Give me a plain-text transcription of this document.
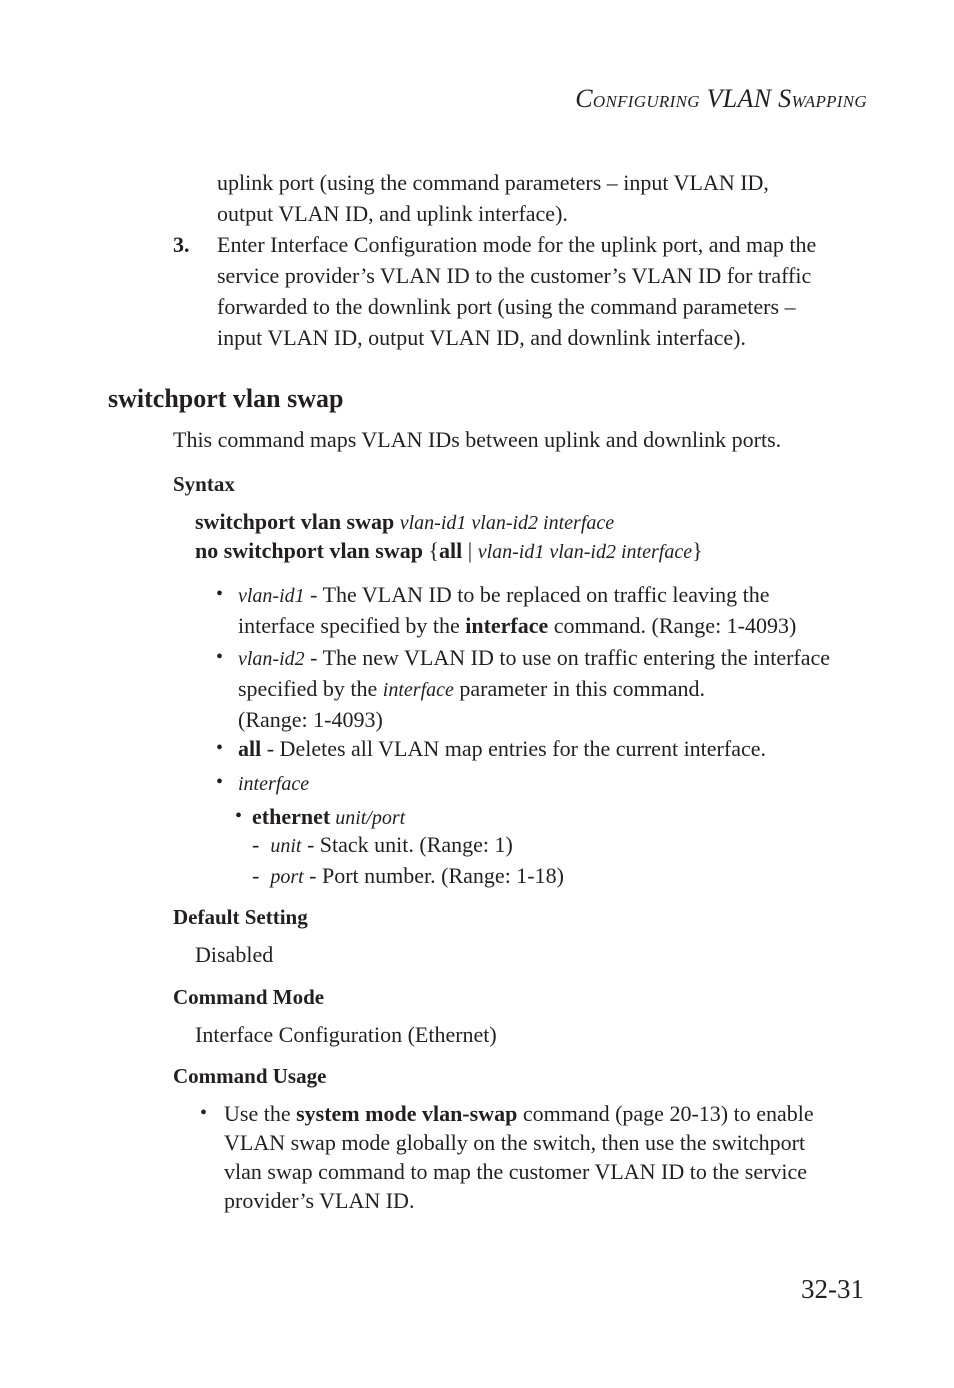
CONFIGURING VLAN SWAPPING
uplink port (using the command parameters – input VLAN ID,
output VLAN ID, and uplink interface).
3. Enter Interface Configuration mode for the uplink port, and map the
service provider’s VLAN ID to the customer’s VLAN ID for traffic
forwarded to the downlink port (using the command parameters –
input VLAN ID, output VLAN ID, and downlink interface).
switchport vlan swap
This command maps VLAN IDs between uplink and downlink ports.
Syntax
switchport vlan swap vlan-id1 vlan-id2 interface
no switchport vlan swap {all | vlan-id1 vlan-id2 interface}
• vlan-id1 - The VLAN ID to be replaced on traffic leaving the
interface specified by the interface command. (Range: 1-4093)
• vlan-id2 - The new VLAN ID to use on traffic entering the interface
specified by the interface parameter in this command.
(Range: 1-4093)
• all - Deletes all VLAN map entries for the current interface.
• interface
• ethernet unit/port
- unit - Stack unit. (Range: 1)
- port - Port number. (Range: 1-18)
Default Setting
Disabled
Command Mode
Interface Configuration (Ethernet)
Command Usage
• Use the system mode vlan-swap command (page 20-13) to enable
VLAN swap mode globally on the switch, then use the switchport
vlan swap command to map the customer VLAN ID to the service
provider’s VLAN ID.
32-31
